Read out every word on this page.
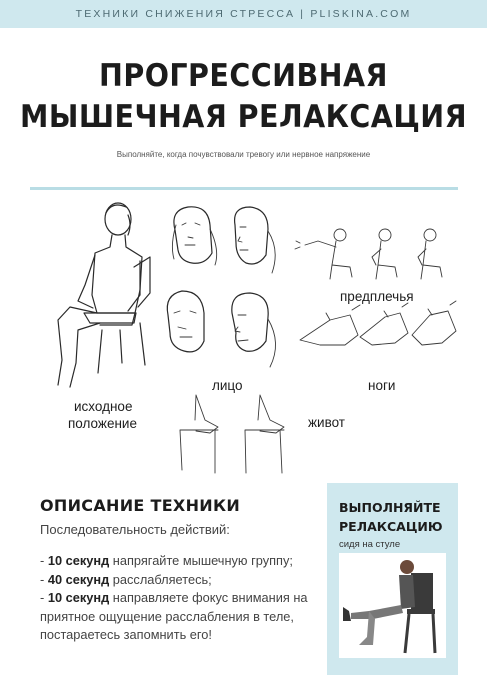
ТЕХНИКИ СНИЖЕНИЯ СТРЕССА | PLISKINA.COM
ПРОГРЕССИВНАЯ
МЫШЕЧНАЯ РЕЛАКСАЦИЯ
Выполняйте, когда почувствовали тревогу или нервное напряжение
исходное
положение
лицо
предплечья
ноги
живот
ОПИСАНИЕ ТЕХНИКИ
Последовательность действий:
- 10 секунд напрягайте мышечную группу;
- 40 секунд расслабляетесь;
- 10 секунд направляете фокус внимания на приятное ощущение расслабления в теле, постараетесь запомнить его!
ВЫПОЛНЯЙТЕ
РЕЛАКСАЦИЮ
сидя на стуле
